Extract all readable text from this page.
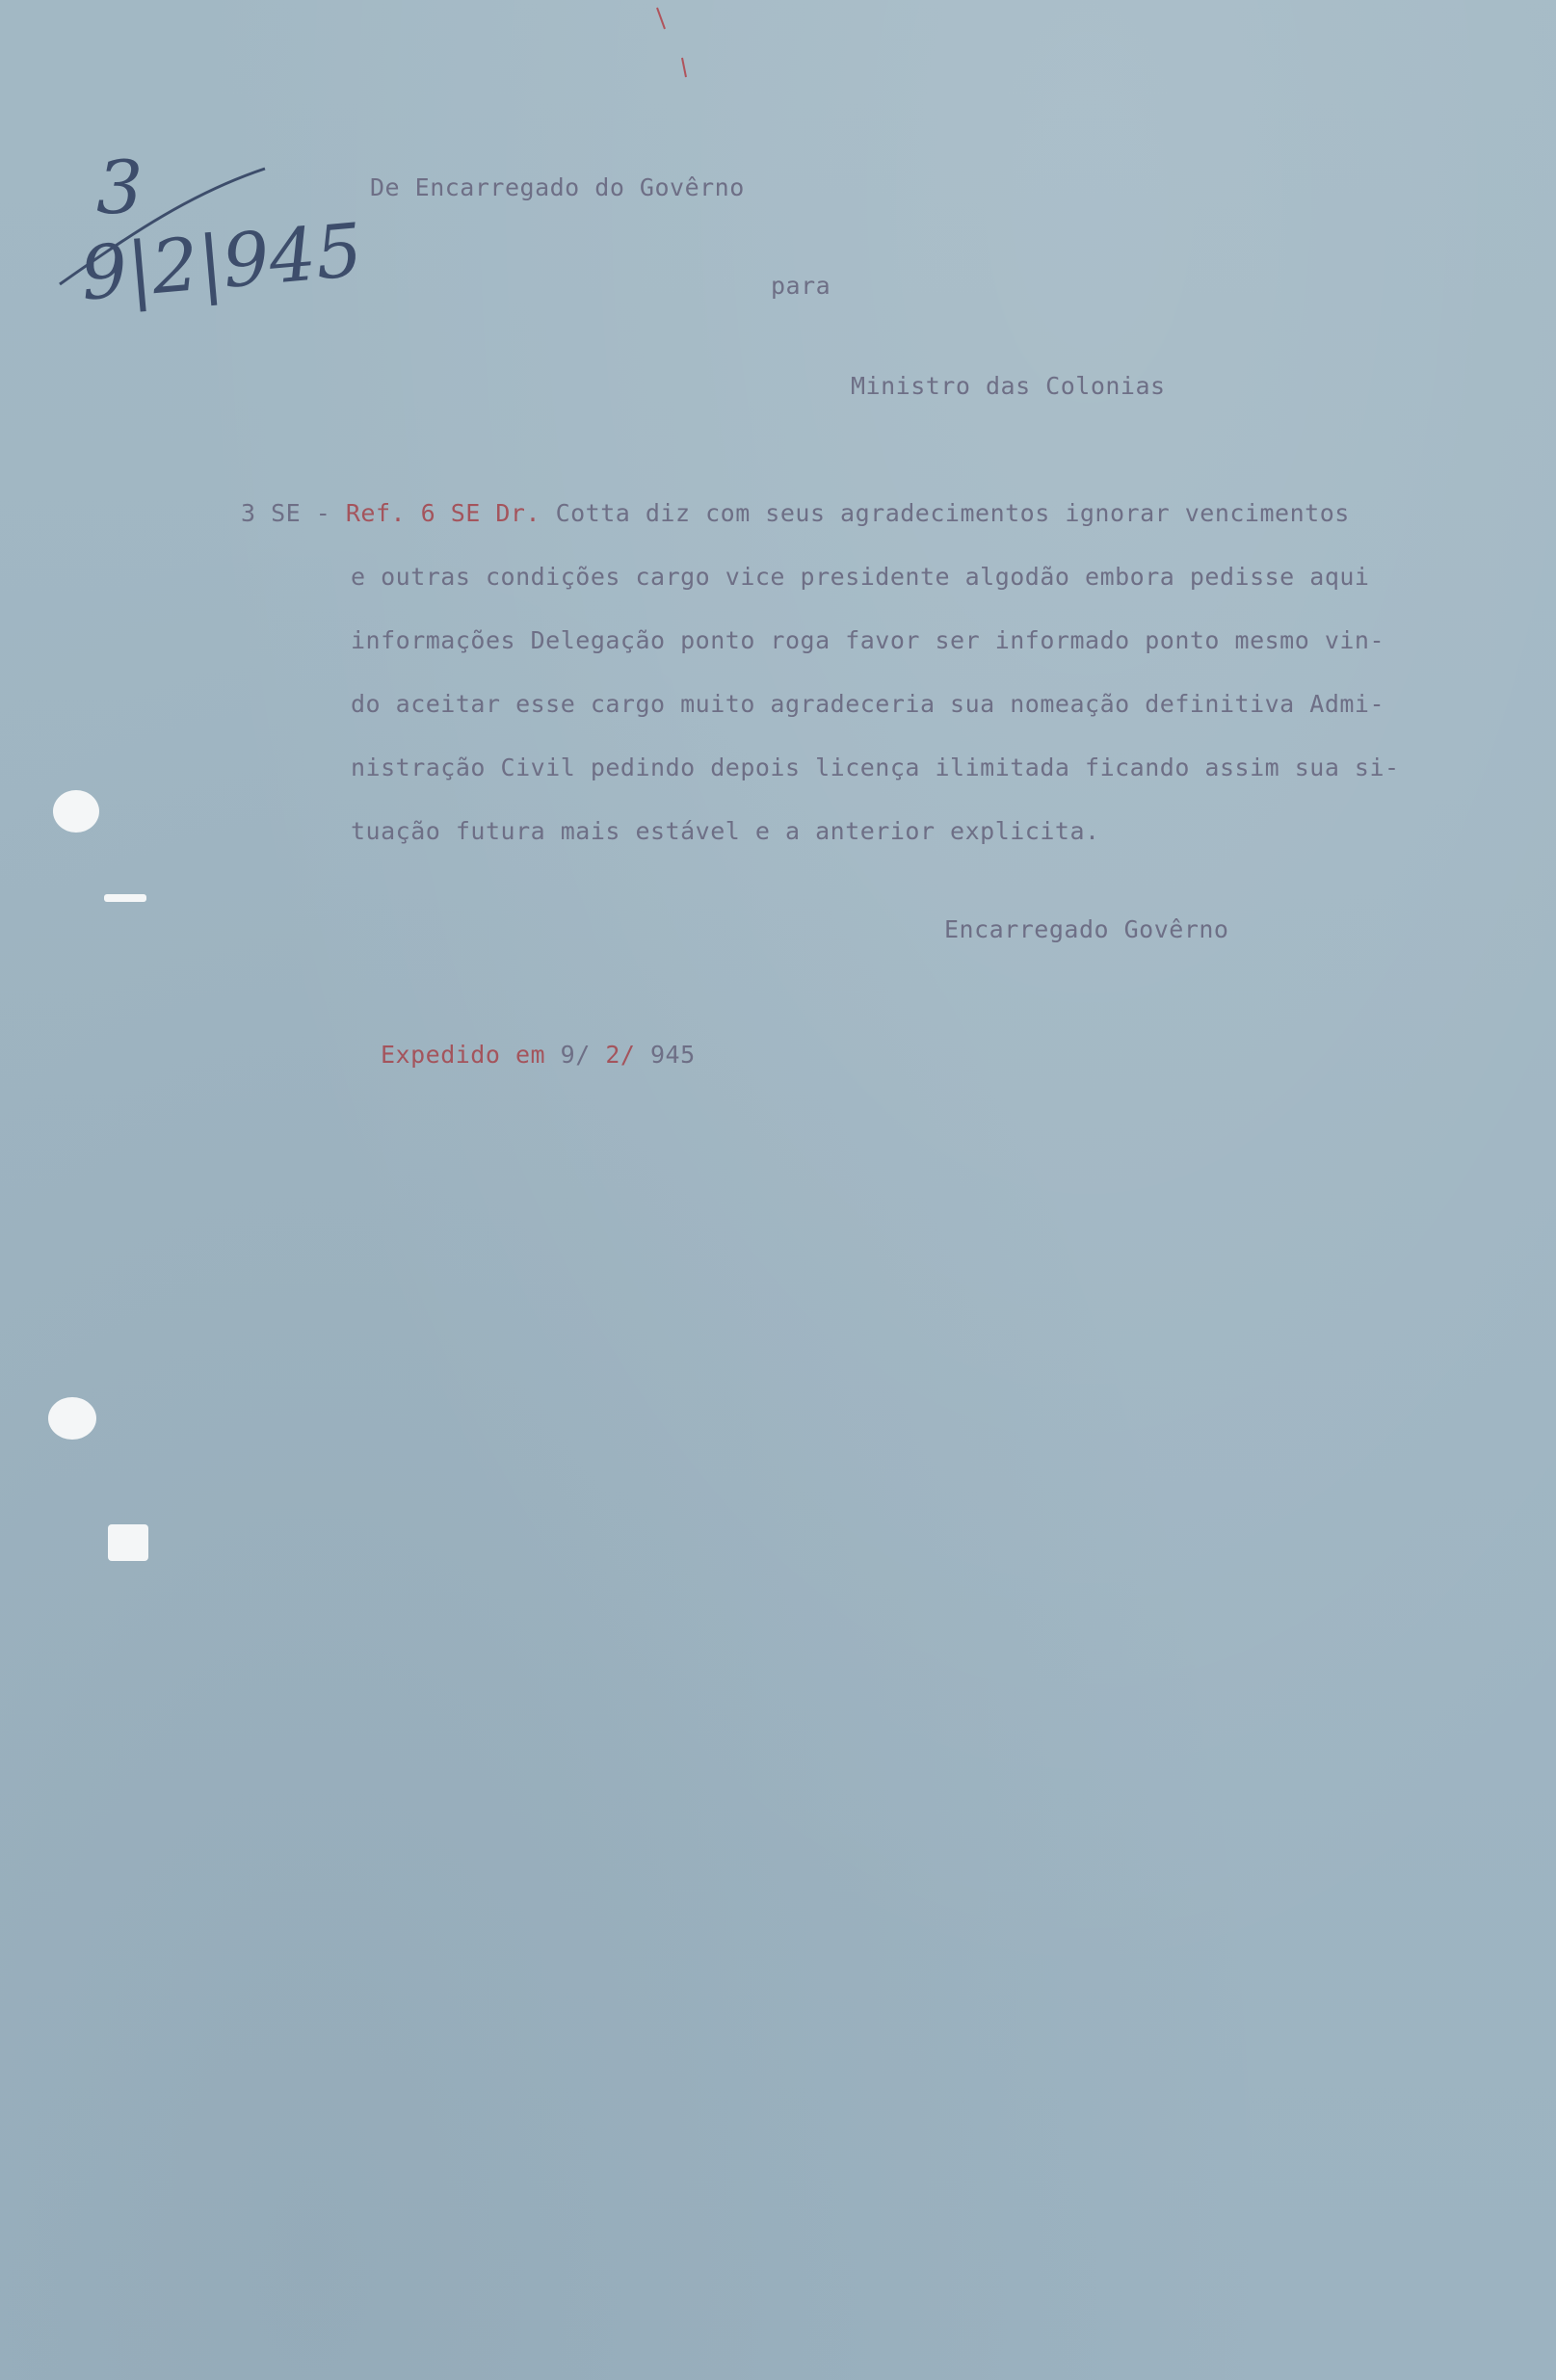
3
9|2|945

De Encarregado do Govêrno

para

Ministro das Colonias

3 SE - Ref. 6 SE Dr. Cotta diz com seus agradecimentos ignorar vencimentos

e outras condições cargo vice presidente algodão embora pedisse aqui

informações Delegação ponto roga favor ser informado ponto mesmo vin-

do aceitar esse cargo muito agradeceria sua nomeação definitiva Admi-

nistração Civil pedindo depois licença ilimitada ficando assim sua si-

tuação futura mais estável e a anterior explicita.

Encarregado Govêrno

Expedido em 9/ 2/ 945
